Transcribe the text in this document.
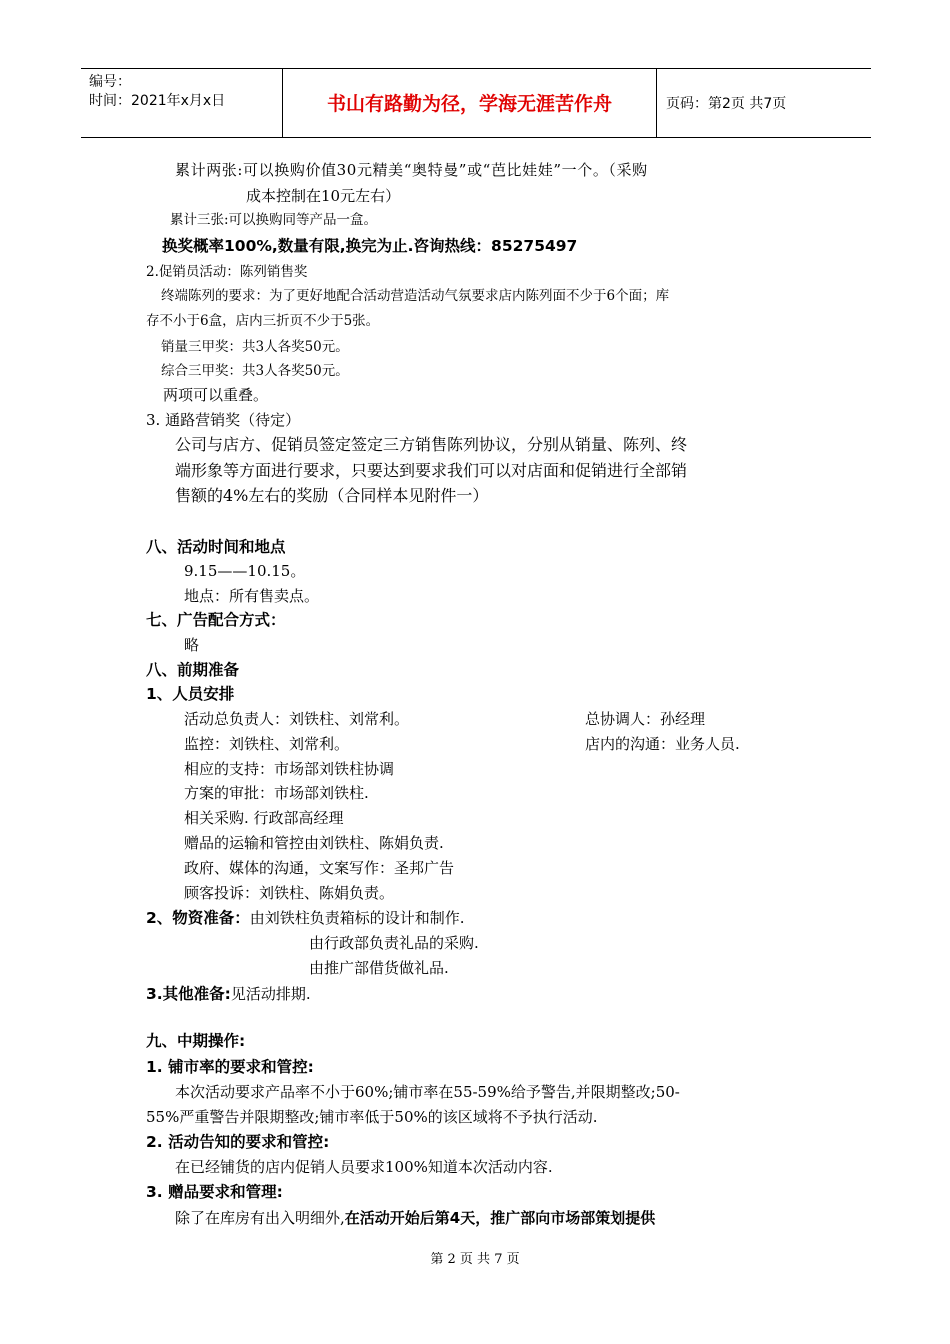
编号：
时间：2021年x月x日	书山有路勤为径，学海无涯苦作舟	页码：第2页 共7页
累计两张:可以换购价值30元精美“奥特曼”或“芭比娃娃”一个。（采购
成本控制在10元左右）
累计三张:可以换购同等产品一盒。
换奖概率100%,数量有限,换完为止.咨询热线：85275497
2.促销员活动：陈列销售奖
终端陈列的要求：为了更好地配合活动营造活动气氛要求店内陈列面不少于6个面；库
存不小于6盒，店内三折页不少于5张。
销量三甲奖：共3人各奖50元。
综合三甲奖：共3人各奖50元。
两项可以重叠。
3. 通路营销奖（待定）
公司与店方、促销员签定签定三方销售陈列协议，分别从销量、陈列、终
端形象等方面进行要求，只要达到要求我们可以对店面和促销进行全部销
售额的4%左右的奖励（合同样本见附件一）
八、活动时间和地点
9.15——10.15。
地点：所有售卖点。
七、广告配合方式：
略
八、前期准备
1、人员安排
活动总负责人：刘铁柱、刘常利。	总协调人：孙经理
监控：刘铁柱、刘常利。	店内的沟通：业务人员.
相应的支持：市场部刘铁柱协调
方案的审批：市场部刘铁柱.
相关采购. 行政部高经理
赠品的运输和管控由刘铁柱、陈娟负责.
政府、媒体的沟通，文案写作：圣邦广告
顾客投诉：刘铁柱、陈娟负责。
2、物资准备：由刘铁柱负责箱标的设计和制作.
由行政部负责礼品的采购.
由推广部借货做礼品.
3.其他准备:见活动排期.
九、中期操作:
1. 铺市率的要求和管控:
本次活动要求产品率不小于60%;铺市率在55-59%给予警告,并限期整改;50-
55%严重警告并限期整改;铺市率低于50%的该区域将不予执行活动.
2. 活动告知的要求和管控:
在已经铺货的店内促销人员要求100%知道本次活动内容.
3. 赠品要求和管理:
除了在库房有出入明细外,在活动开始后第4天，推广部向市场部策划提供
第 2 页 共 7 页
